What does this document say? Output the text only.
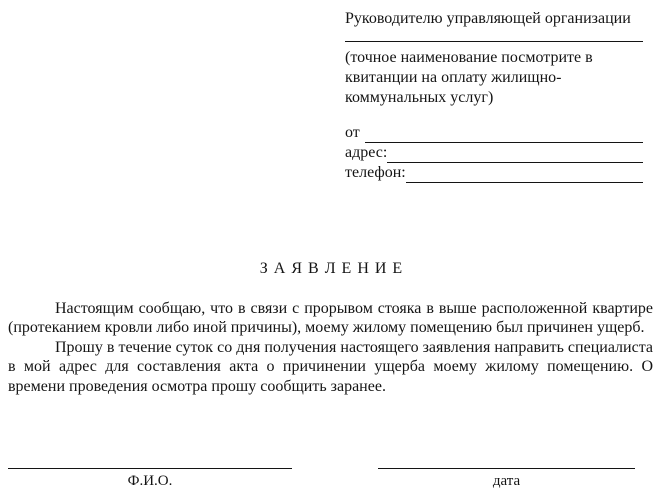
Руководителю управляющей организации
(точное наименование посмотрите в квитанции на оплату жилищно-коммунальных услуг)
от
адрес:
телефон:
З А Я В Л Е Н И Е

Настоящим сообщаю, что в связи с прорывом стояка в выше расположенной квартире (протеканием кровли либо иной причины), моему жилому помещению был причинен ущерб.

Прошу в течение суток со дня получения настоящего заявления направить специалиста в мой адрес для составления акта о причинении ущерба моему жилому помещению. О времени проведения осмотра прошу сообщить заранее.

Ф.И.О.	дата
